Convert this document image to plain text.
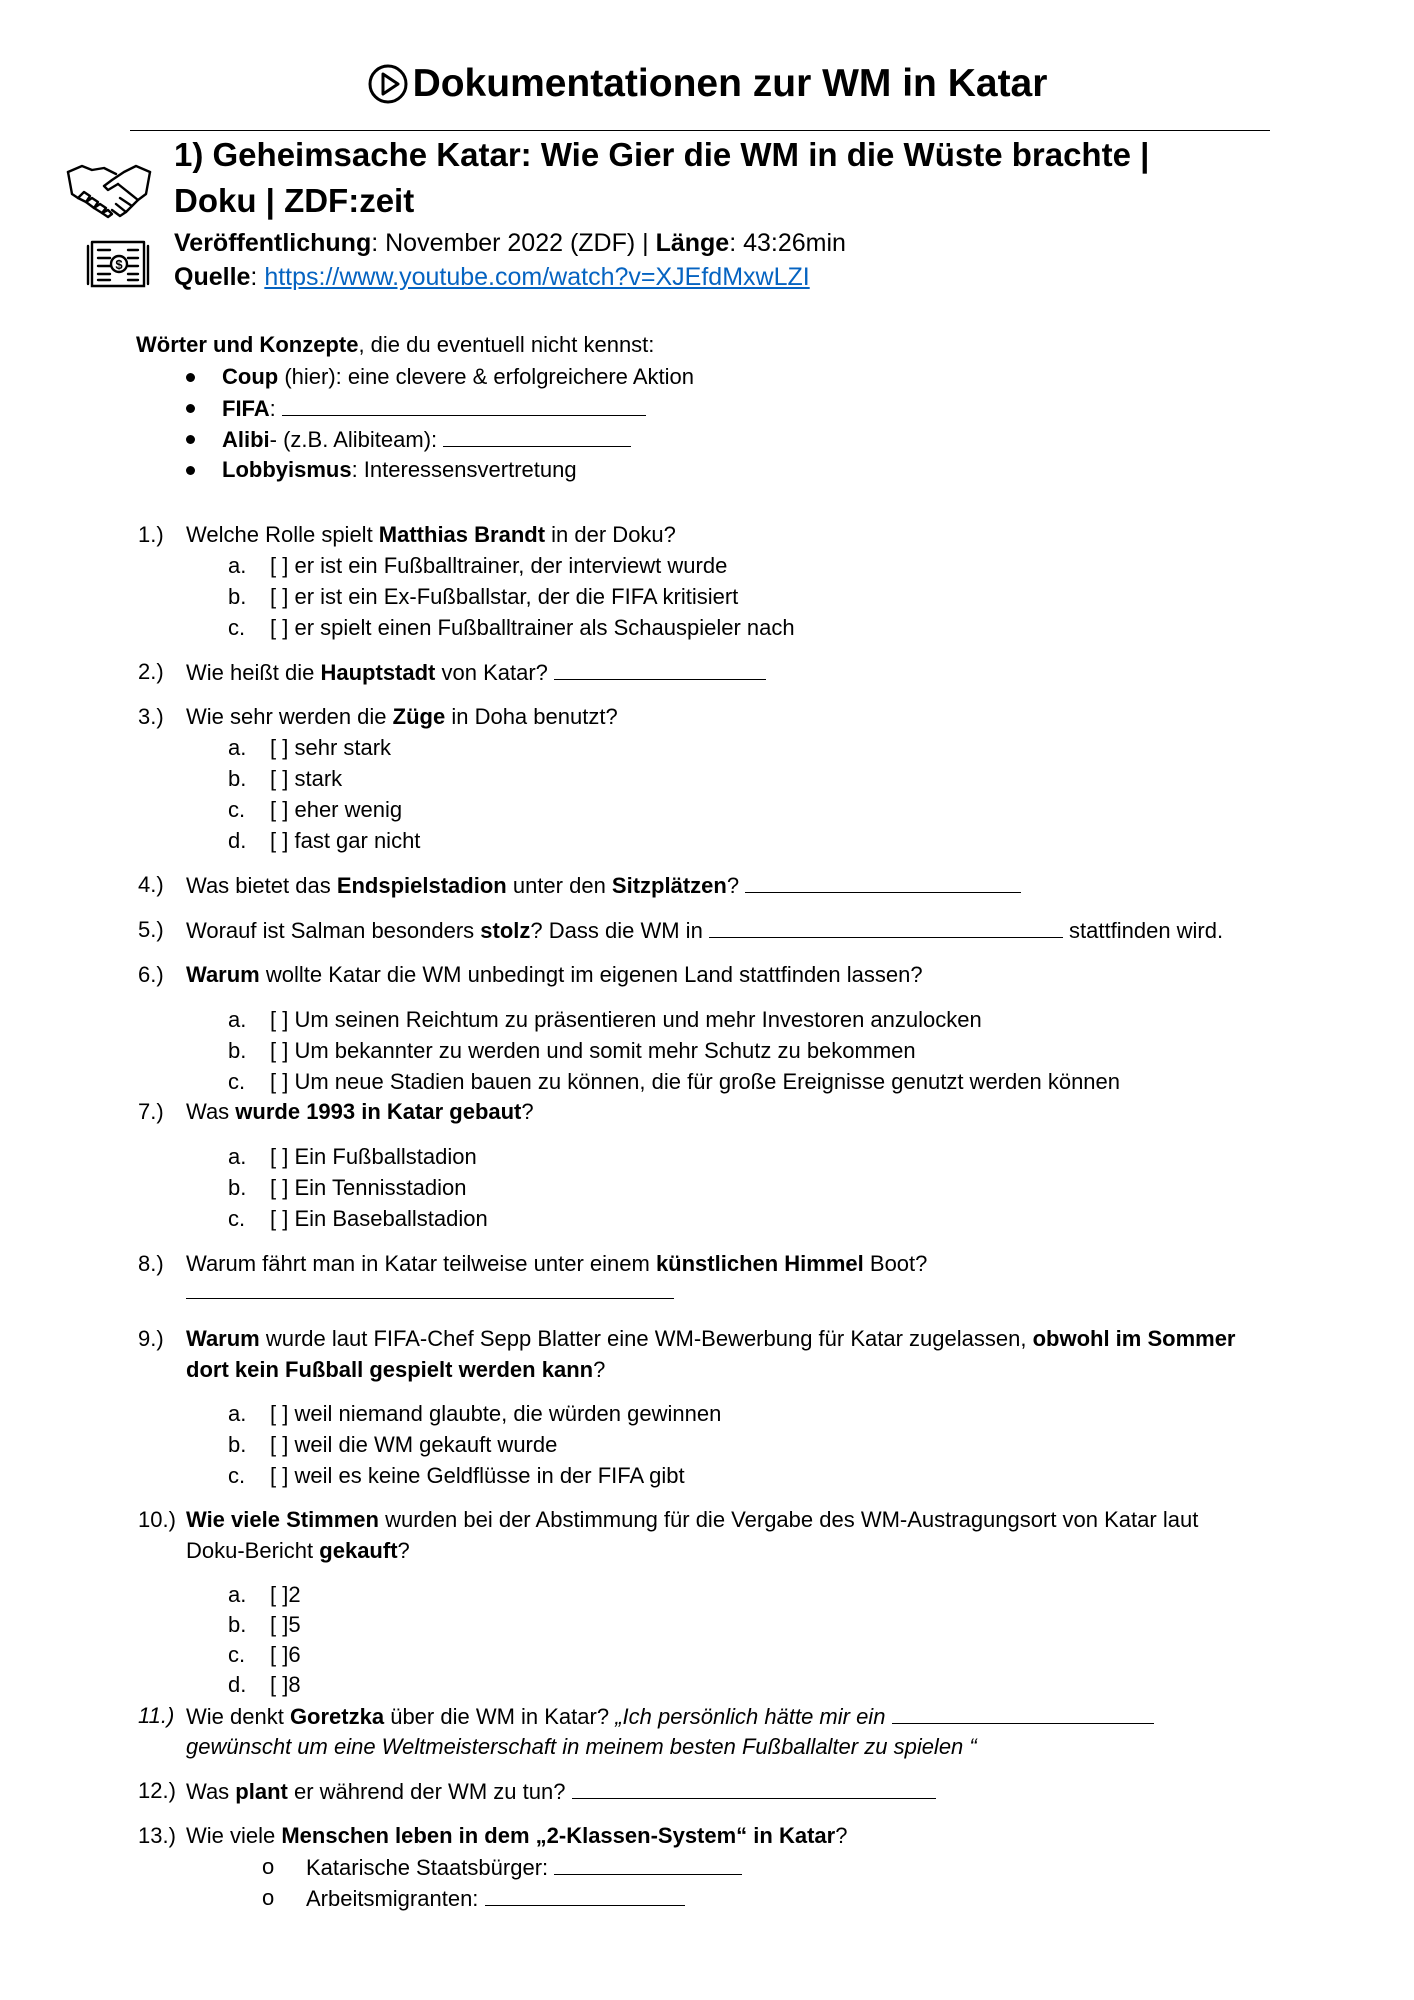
Dokumentationen zur WM in Katar
$
1) Geheimsache Katar: Wie Gier die WM in die Wüste brachte |
Doku | ZDF:zeit
Veröffentlichung: November 2022 (ZDF) | Länge: 43:26min
Quelle: https://www.youtube.com/watch?v=XJEfdMxwLZI
Wörter und Konzepte, die du eventuell nicht kennst:
Coup (hier): eine clevere & erfolgreichere Aktion
FIFA:
Alibi- (z.B. Alibiteam):
Lobbyismus: Interessensvertretung
1.) Welche Rolle spielt Matthias Brandt in der Doku?
a. [ ] er ist ein Fußballtrainer, der interviewt wurde
b. [ ] er ist ein Ex-Fußballstar, der die FIFA kritisiert
c. [ ] er spielt einen Fußballtrainer als Schauspieler nach
2.) Wie heißt die Hauptstadt von Katar?
3.) Wie sehr werden die Züge in Doha benutzt?
a. [ ] sehr stark
b. [ ] stark
c. [ ] eher wenig
d. [ ] fast gar nicht
4.) Was bietet das Endspielstadion unter den Sitzplätzen?
5.) Worauf ist Salman besonders stolz? Dass die WM in	stattfinden wird.
6.) Warum wollte Katar die WM unbedingt im eigenen Land stattfinden lassen?
a. [ ] Um seinen Reichtum zu präsentieren und mehr Investoren anzulocken
b. [ ] Um bekannter zu werden und somit mehr Schutz zu bekommen
c. [ ] Um neue Stadien bauen zu können, die für große Ereignisse genutzt werden können
7.) Was wurde 1993 in Katar gebaut?
a. [ ] Ein Fußballstadion
b. [ ] Ein Tennisstadion
c. [ ] Ein Baseballstadion
8.) Warum fährt man in Katar teilweise unter einem künstlichen Himmel Boot?
9.) Warum wurde laut FIFA-Chef Sepp Blatter eine WM-Bewerbung für Katar zugelassen, obwohl im Sommer
dort kein Fußball gespielt werden kann?
a. [ ] weil niemand glaubte, die würden gewinnen
b. [ ] weil die WM gekauft wurde
c. [ ] weil es keine Geldflüsse in der FIFA gibt
10.) Wie viele Stimmen wurden bei der Abstimmung für die Vergabe des WM-Austragungsort von Katar laut
Doku-Bericht gekauft?
a. [ ]2
b. [ ]5
c. [ ]6
d. [ ]8
11.) Wie denkt Goretzka über die WM in Katar? „Ich persönlich hätte mir ein
gewünscht um eine Weltmeisterschaft in meinem besten Fußballalter zu spielen “
12.) Was plant er während der WM zu tun?
13.) Wie viele Menschen leben in dem „2-Klassen-System“ in Katar?
o Katarische Staatsbürger:
o Arbeitsmigranten:
